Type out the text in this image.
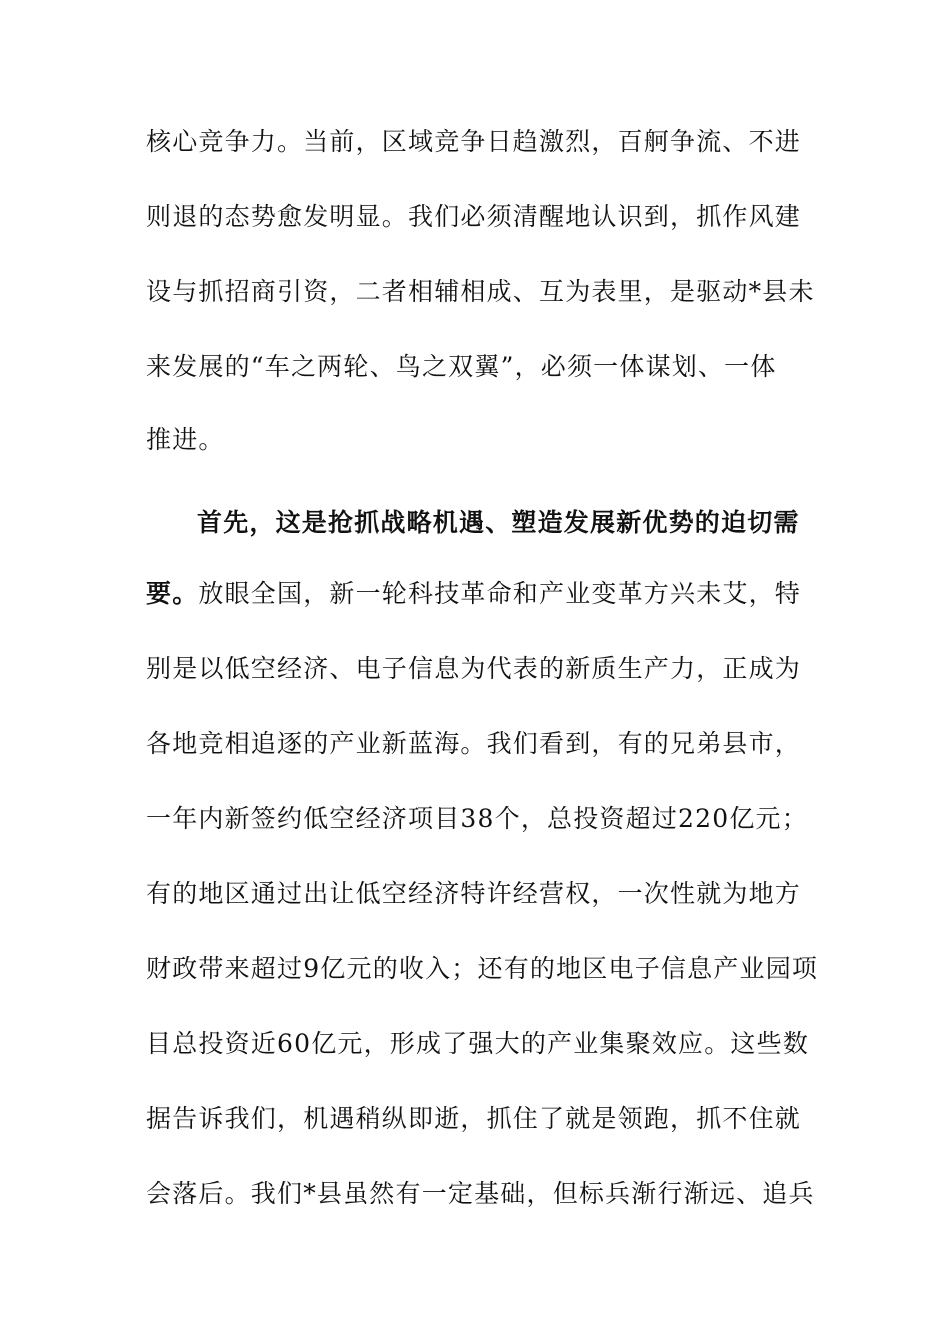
核心竞争力。当前，区域竞争日趋激烈，百舸争流、不进
则退的态势愈发明显。我们必须清醒地认识到，抓作风建
设与抓招商引资，二者相辅相成、互为表里，是驱动*县未
来发展的“车之两轮、鸟之双翼”，必须一体谋划、一体
推进。
首先，这是抢抓战略机遇、塑造发展新优势的迫切需
要。放眼全国，新一轮科技革命和产业变革方兴未艾，特
别是以低空经济、电子信息为代表的新质生产力，正成为
各地竞相追逐的产业新蓝海。我们看到，有的兄弟县市，
一年内新签约低空经济项目38个，总投资超过220亿元；
有的地区通过出让低空经济特许经营权，一次性就为地方
财政带来超过9亿元的收入；还有的地区电子信息产业园项
目总投资近60亿元，形成了强大的产业集聚效应。这些数
据告诉我们，机遇稍纵即逝，抓住了就是领跑，抓不住就
会落后。我们*县虽然有一定基础，但标兵渐行渐远、追兵
